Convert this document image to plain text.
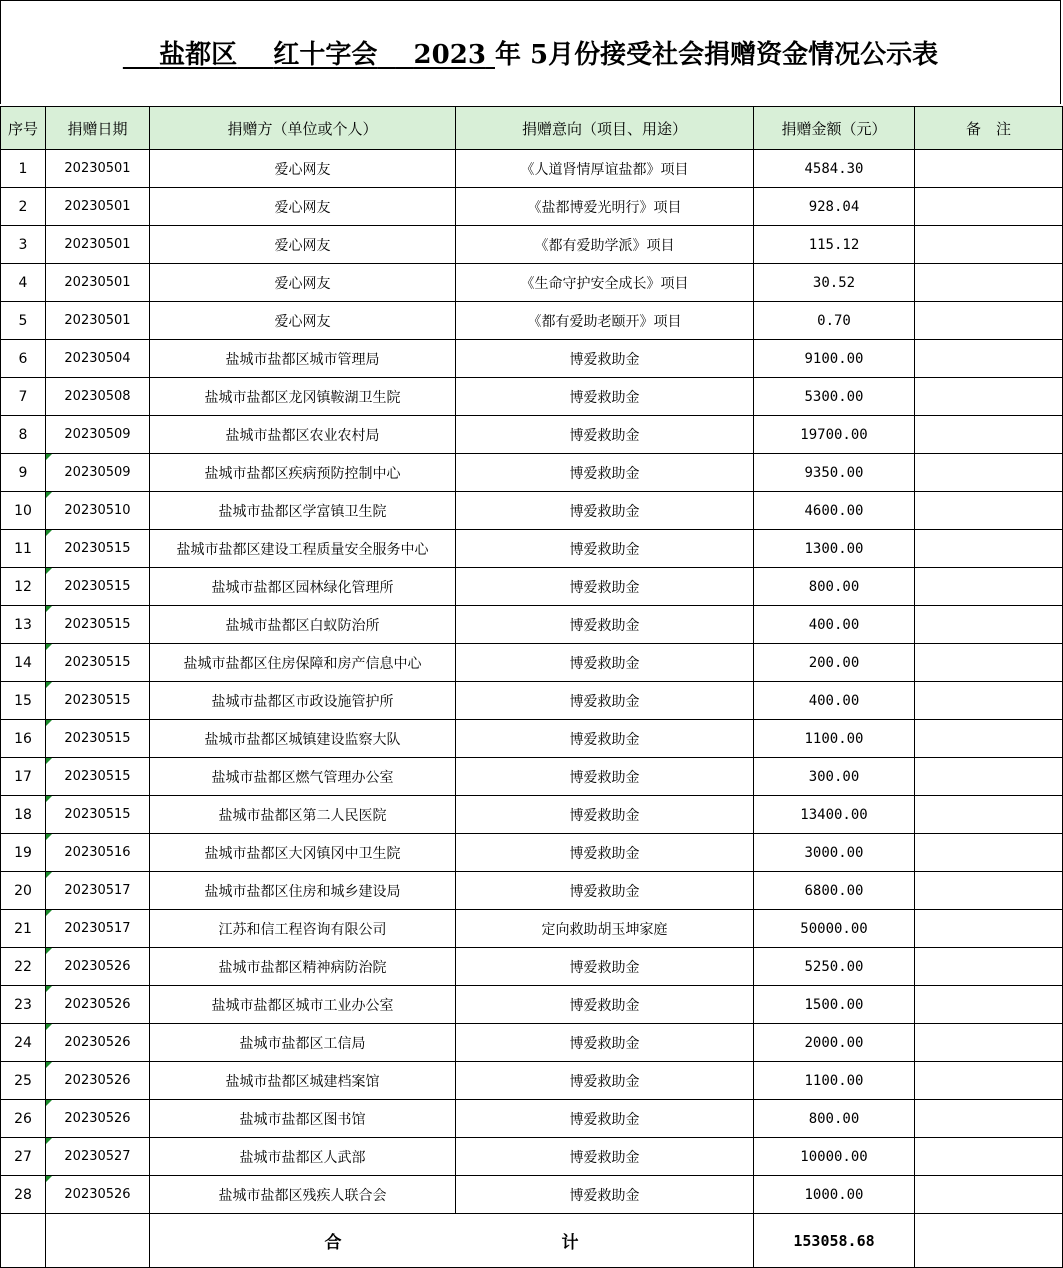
盐都区 红十字会 2023 年 5月份接受社会捐赠资金情况公示表
序号	捐赠日期	捐赠方（单位或个人）	捐赠意向（项目、用途）	捐赠金额（元）	备　注
1	20230501	爱心网友	《人道肾情厚谊盐都》项目	4584.30	
2	20230501	爱心网友	《盐都博爱光明行》项目	928.04	
3	20230501	爱心网友	《都有爱助学派》项目	115.12	
4	20230501	爱心网友	《生命守护安全成长》项目	30.52	
5	20230501	爱心网友	《都有爱助老颐开》项目	0.70	
6	20230504	盐城市盐都区城市管理局	博爱救助金	9100.00	
7	20230508	盐城市盐都区龙冈镇鞍湖卫生院	博爱救助金	5300.00	
8	20230509	盐城市盐都区农业农村局	博爱救助金	19700.00	
9	20230509	盐城市盐都区疾病预防控制中心	博爱救助金	9350.00	
10	20230510	盐城市盐都区学富镇卫生院	博爱救助金	4600.00	
11	20230515	盐城市盐都区建设工程质量安全服务中心	博爱救助金	1300.00	
12	20230515	盐城市盐都区园林绿化管理所	博爱救助金	800.00	
13	20230515	盐城市盐都区白蚁防治所	博爱救助金	400.00	
14	20230515	盐城市盐都区住房保障和房产信息中心	博爱救助金	200.00	
15	20230515	盐城市盐都区市政设施管护所	博爱救助金	400.00	
16	20230515	盐城市盐都区城镇建设监察大队	博爱救助金	1100.00	
17	20230515	盐城市盐都区燃气管理办公室	博爱救助金	300.00	
18	20230515	盐城市盐都区第二人民医院	博爱救助金	13400.00	
19	20230516	盐城市盐都区大冈镇冈中卫生院	博爱救助金	3000.00	
20	20230517	盐城市盐都区住房和城乡建设局	博爱救助金	6800.00	
21	20230517	江苏和信工程咨询有限公司	定向救助胡玉坤家庭	50000.00	
22	20230526	盐城市盐都区精神病防治院	博爱救助金	5250.00	
23	20230526	盐城市盐都区城市工业办公室	博爱救助金	1500.00	
24	20230526	盐城市盐都区工信局	博爱救助金	2000.00	
25	20230526	盐城市盐都区城建档案馆	博爱救助金	1100.00	
26	20230526	盐城市盐都区图书馆	博爱救助金	800.00	
27	20230527	盐城市盐都区人武部	博爱救助金	10000.00	
28	20230526	盐城市盐都区残疾人联合会	博爱救助金	1000.00	
		合 计		153058.68	
